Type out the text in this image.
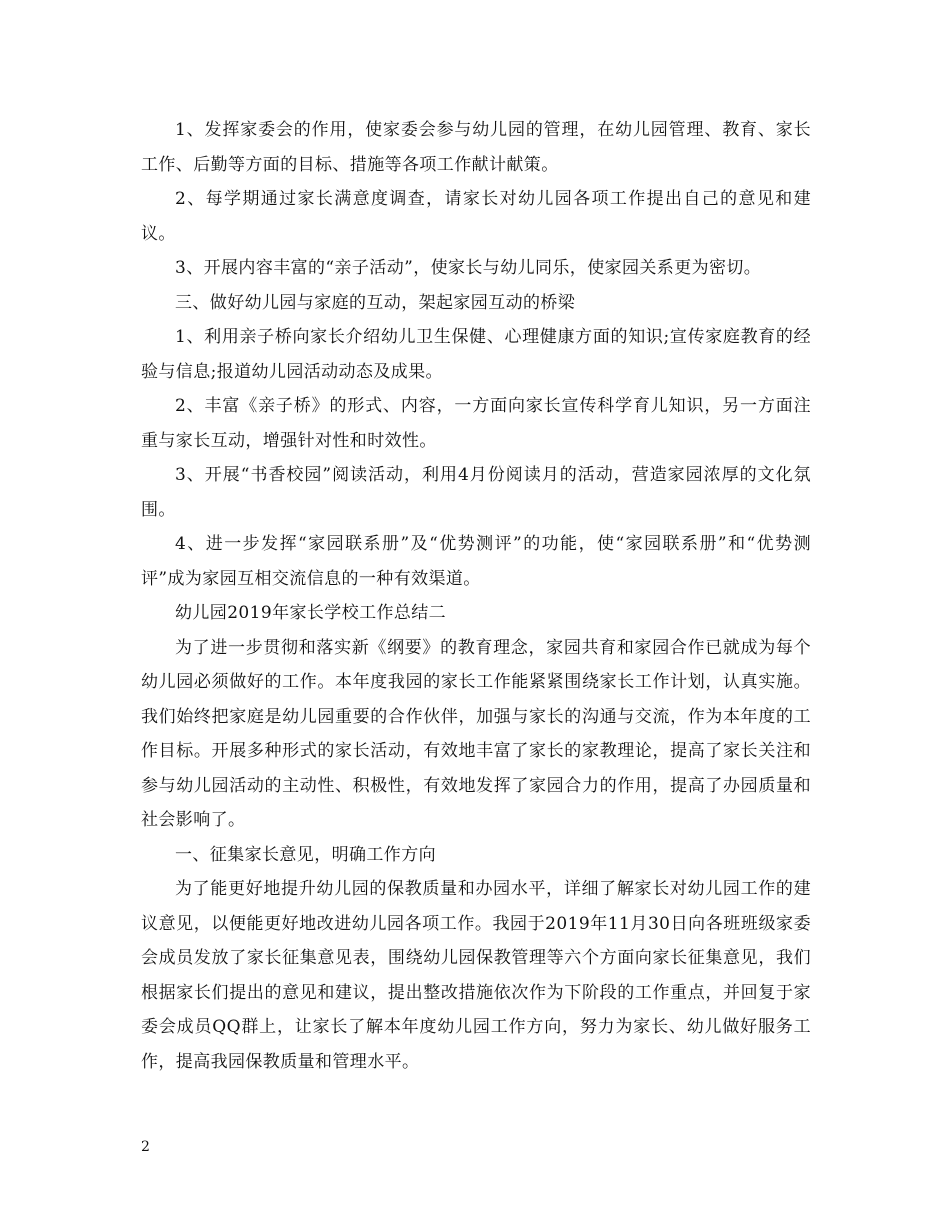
1、发挥家委会的作用，使家委会参与幼儿园的管理，在幼儿园管理、教育、家长工作、后勤等方面的目标、措施等各项工作献计献策。

2、每学期通过家长满意度调查，请家长对幼儿园各项工作提出自己的意见和建议。

3、开展内容丰富的“亲子活动”，使家长与幼儿同乐，使家园关系更为密切。

三、做好幼儿园与家庭的互动，架起家园互动的桥梁

1、利用亲子桥向家长介绍幼儿卫生保健、心理健康方面的知识;宣传家庭教育的经验与信息;报道幼儿园活动动态及成果。

2、丰富《亲子桥》的形式、内容，一方面向家长宣传科学育儿知识，另一方面注重与家长互动，增强针对性和时效性。

3、开展“书香校园”阅读活动，利用4月份阅读月的活动，营造家园浓厚的文化氛围。

4、进一步发挥“家园联系册”及“优势测评”的功能，使“家园联系册”和“优势测评”成为家园互相交流信息的一种有效渠道。

幼儿园2019年家长学校工作总结二

为了进一步贯彻和落实新《纲要》的教育理念，家园共育和家园合作已就成为每个幼儿园必须做好的工作。本年度我园的家长工作能紧紧围绕家长工作计划，认真实施。我们始终把家庭是幼儿园重要的合作伙伴，加强与家长的沟通与交流，作为本年度的工作目标。开展多种形式的家长活动，有效地丰富了家长的家教理论，提高了家长关注和参与幼儿园活动的主动性、积极性，有效地发挥了家园合力的作用，提高了办园质量和社会影响了。

一、征集家长意见，明确工作方向

为了能更好地提升幼儿园的保教质量和办园水平，详细了解家长对幼儿园工作的建议意见，以便能更好地改进幼儿园各项工作。我园于2019年11月30日向各班班级家委会成员发放了家长征集意见表，围绕幼儿园保教管理等六个方面向家长征集意见，我们根据家长们提出的意见和建议，提出整改措施依次作为下阶段的工作重点，并回复于家委会成员QQ群上，让家长了解本年度幼儿园工作方向，努力为家长、幼儿做好服务工作，提高我园保教质量和管理水平。

2
